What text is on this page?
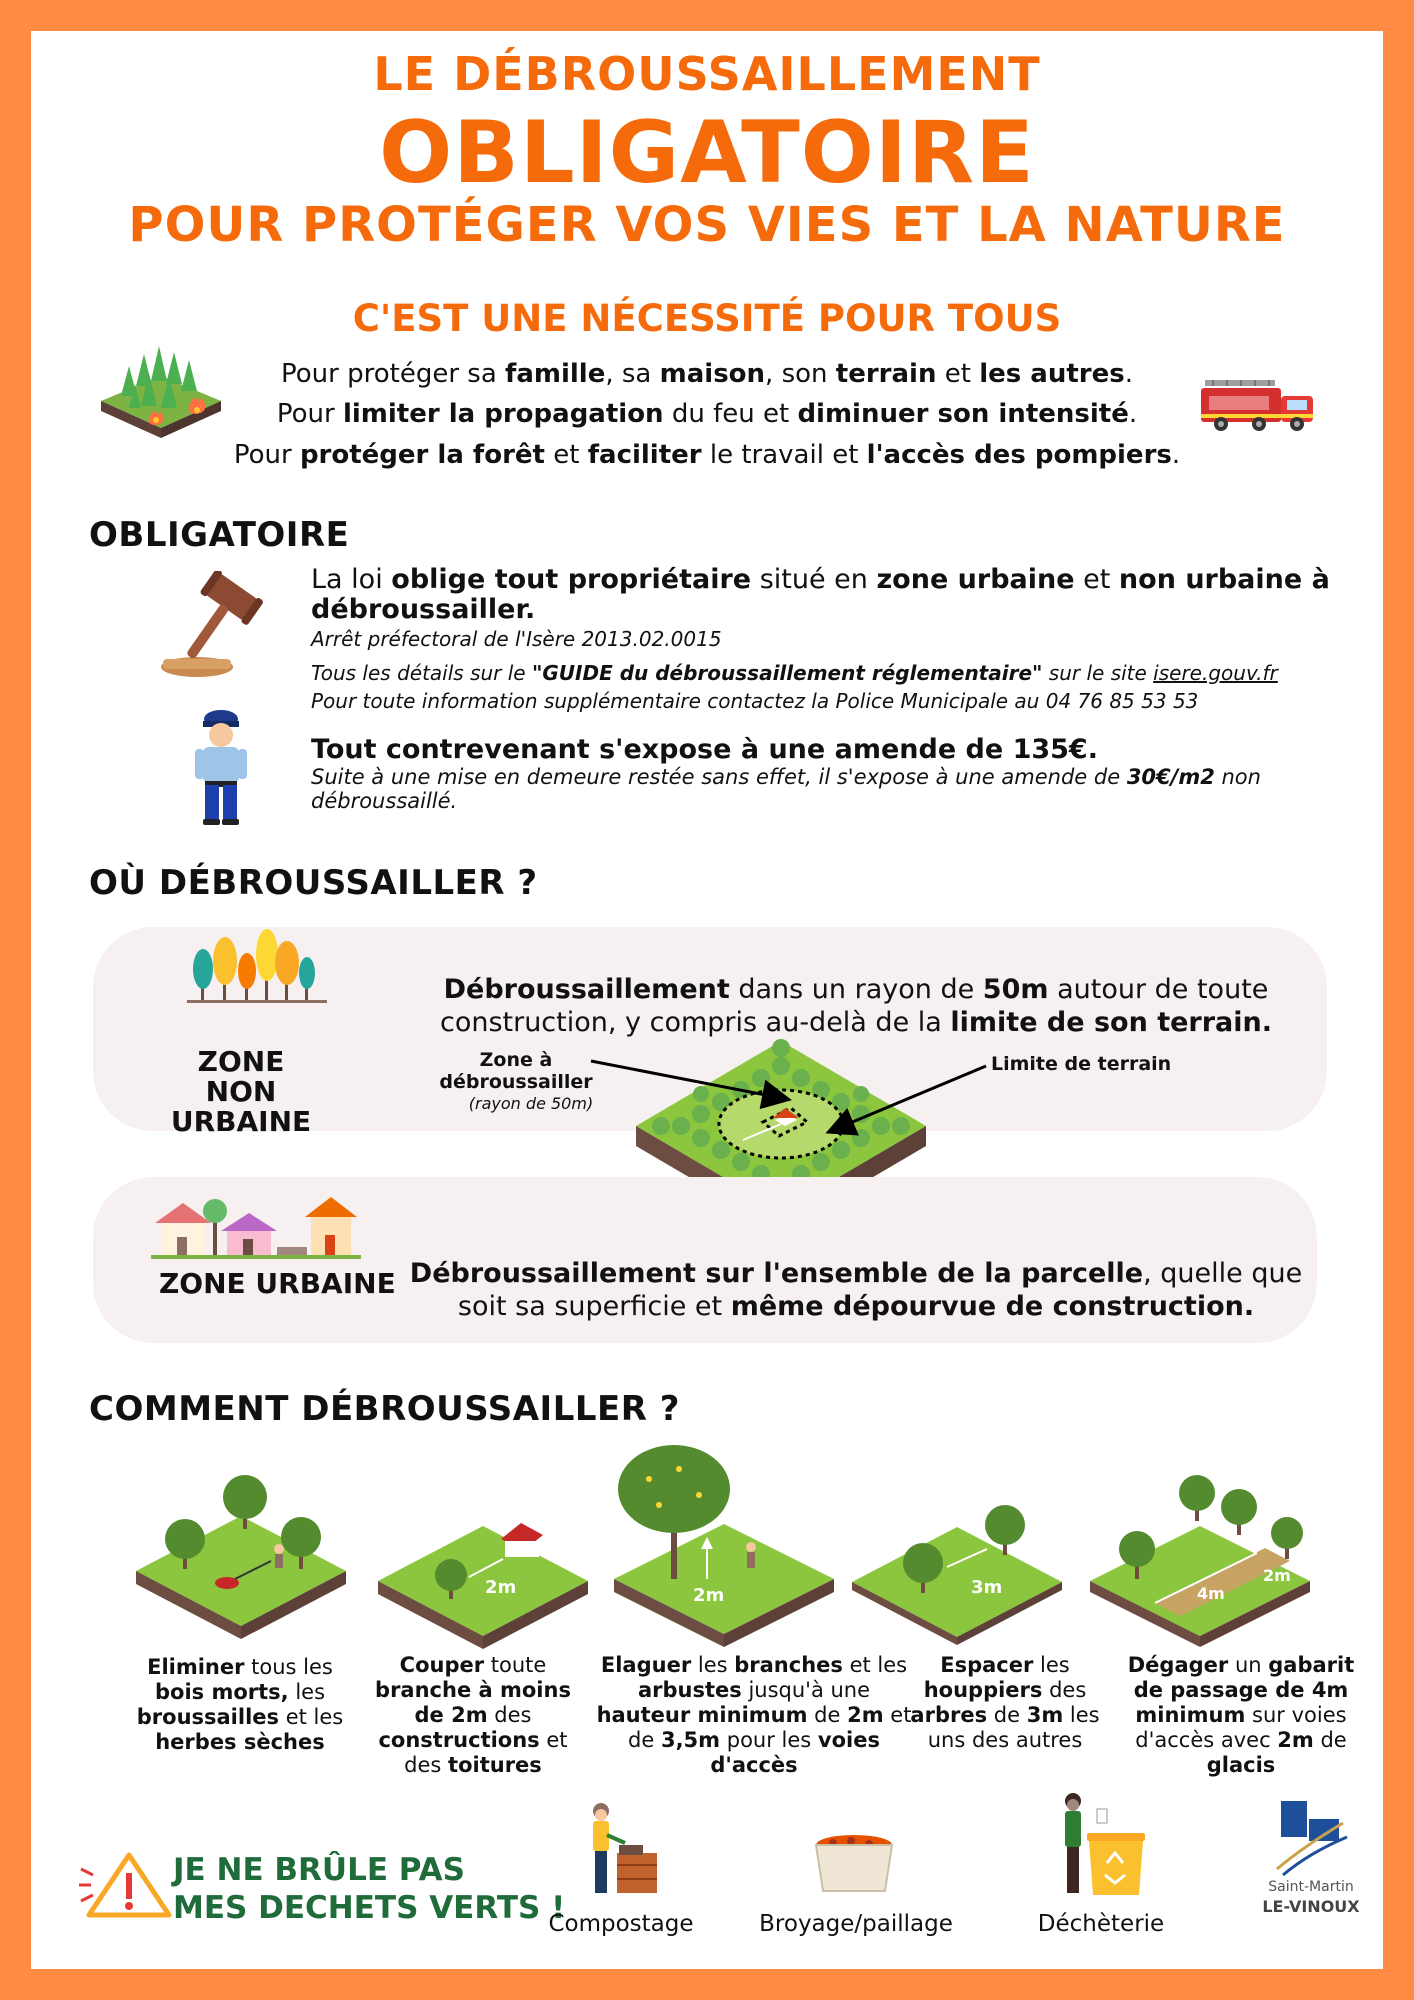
LE DÉBROUSSAILLEMENT
OBLIGATOIRE
POUR PROTÉGER VOS VIES ET LA NATURE
C'EST UNE NÉCESSITÉ POUR TOUS
Pour protéger sa famille, sa maison, son terrain et les autres.
Pour limiter la propagation du feu et diminuer son intensité.
Pour protéger la forêt et faciliter le travail et l'accès des pompiers.
OBLIGATOIRE
La loi oblige tout propriétaire situé en zone urbaine et non urbaine à débroussailler.
Arrêt préfectoral de l'Isère 2013.02.0015
Tous les détails sur le "GUIDE du débroussaillement réglementaire" sur le site isere.gouv.fr
Pour toute information supplémentaire contactez la Police Municipale au 04 76 85 53 53
Tout contrevenant s'expose à une amende de 135€.
Suite à une mise en demeure restée sans effet, il s'expose à une amende de 30€/m2 non débroussaillé.
OÙ DÉBROUSSAILLER ?
ZONE
NON URBAINE
Débroussaillement dans un rayon de 50m autour de toute construction, y compris au-delà de la limite de son terrain.
Zone à
débroussailler
(rayon de 50m)
Limite de terrain
ZONE URBAINE Débroussaillement sur l'ensemble de la parcelle, quelle que soit sa superficie et même dépourvue de construction.
COMMENT DÉBROUSSAILLER ?
2m	2m	3m	4m
2m
Eliminer tous les bois morts, les broussailles et les herbes sèches
Couper toute branche à moins de 2m des constructions et des toitures
Elaguer les branches et les arbustes jusqu'à une hauteur minimum de 2m et de 3,5m pour les voies d'accès
Espacer les houppiers des arbres de 3m les uns des autres
Dégager un gabarit de passage de 4m minimum sur voies d'accès avec 2m de glacis
JE NE BRÛLE PAS
MES DECHETS VERTS !
Compostage	Broyage/paillage	Déchèterie
Saint-Martin
LE-VINOUX
